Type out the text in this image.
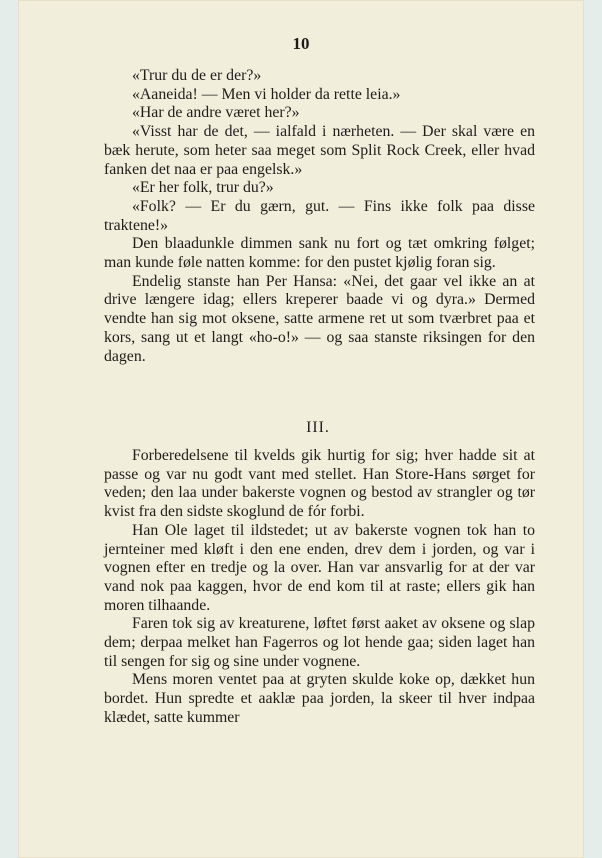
10

«Trur du de er der?»

«Aaneida! — Men vi holder da rette leia.»

«Har de andre været her?»

«Visst har de det, — ialfald i nærheten. — Der skal være en bæk herute, som heter saa meget som Split Rock Creek, eller hvad fanken det naa er paa engelsk.»

«Er her folk, trur du?»

«Folk? — Er du gærn, gut. — Fins ikke folk paa disse traktene!»

Den blaadunkle dimmen sank nu fort og tæt omkring følget; man kunde føle natten komme: for den pustet kjølig foran sig.

Endelig stanste han Per Hansa: «Nei, det gaar vel ikke an at drive længere idag; ellers kreperer baade vi og dyra.» Dermed vendte han sig mot oksene, satte armene ret ut som tværbret paa et kors, sang ut et langt «ho-o!» — og saa stanste riksingen for den dagen.

III.

Forberedelsene til kvelds gik hurtig for sig; hver hadde sit at passe og var nu godt vant med stellet. Han Store-Hans sørget for veden; den laa under bakerste vognen og bestod av strangler og tør kvist fra den sidste skoglund de fór forbi.

Han Ole laget til ildstedet; ut av bakerste vognen tok han to jernteiner med kløft i den ene enden, drev dem i jorden, og var i vognen efter en tredje og la over. Han var ansvarlig for at der var vand nok paa kaggen, hvor de end kom til at raste; ellers gik han moren tilhaande.

Faren tok sig av kreaturene, løftet først aaket av oksene og slap dem; derpaa melket han Fagerros og lot hende gaa; siden laget han til sengen for sig og sine under vognene.

Mens moren ventet paa at gryten skulde koke op, dækket hun bordet. Hun spredte et aaklæ paa jorden, la skeer til hver indpaa klædet, satte kummer
